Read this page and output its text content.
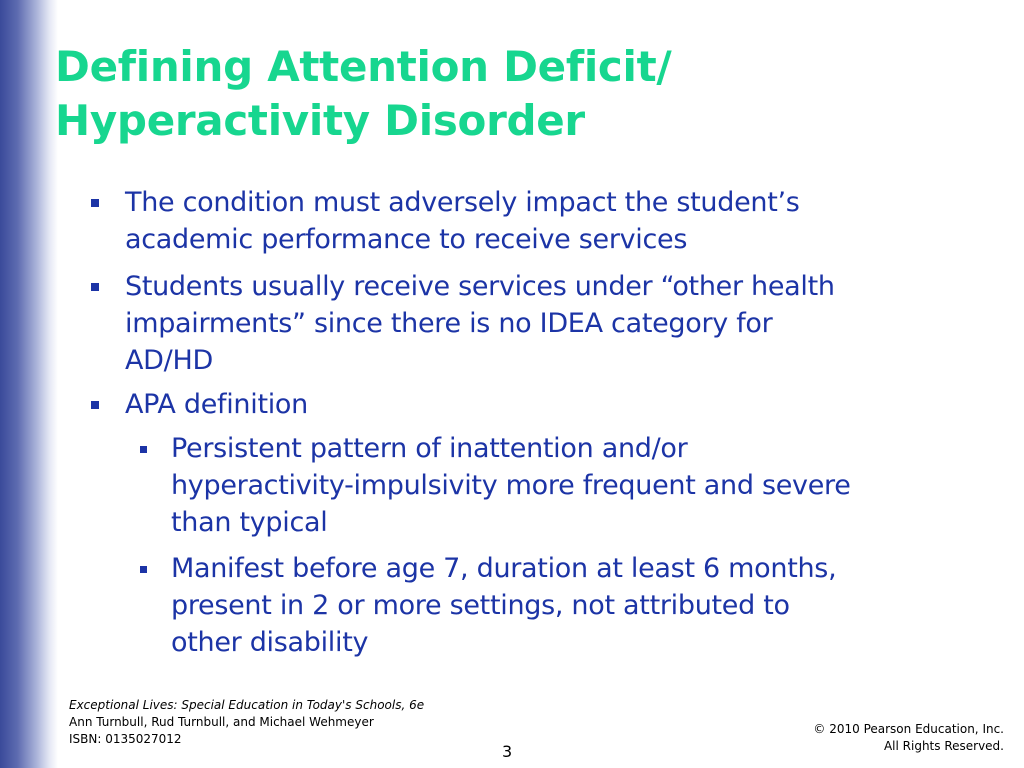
Defining Attention Deficit/
Hyperactivity Disorder
The condition must adversely impact the student’s
academic performance to receive services
Students usually receive services under “other health
impairments” since there is no IDEA category for
AD/HD
APA definition
Persistent pattern of inattention and/or
hyperactivity-impulsivity more frequent and severe
than typical
Manifest before age 7, duration at least 6 months,
present in 2 or more settings, not attributed to
other disability
Exceptional Lives: Special Education in Today's Schools, 6e
Ann Turnbull, Rud Turnbull, and Michael Wehmeyer
ISBN: 0135027012
3
© 2010 Pearson Education, Inc.
All Rights Reserved.
